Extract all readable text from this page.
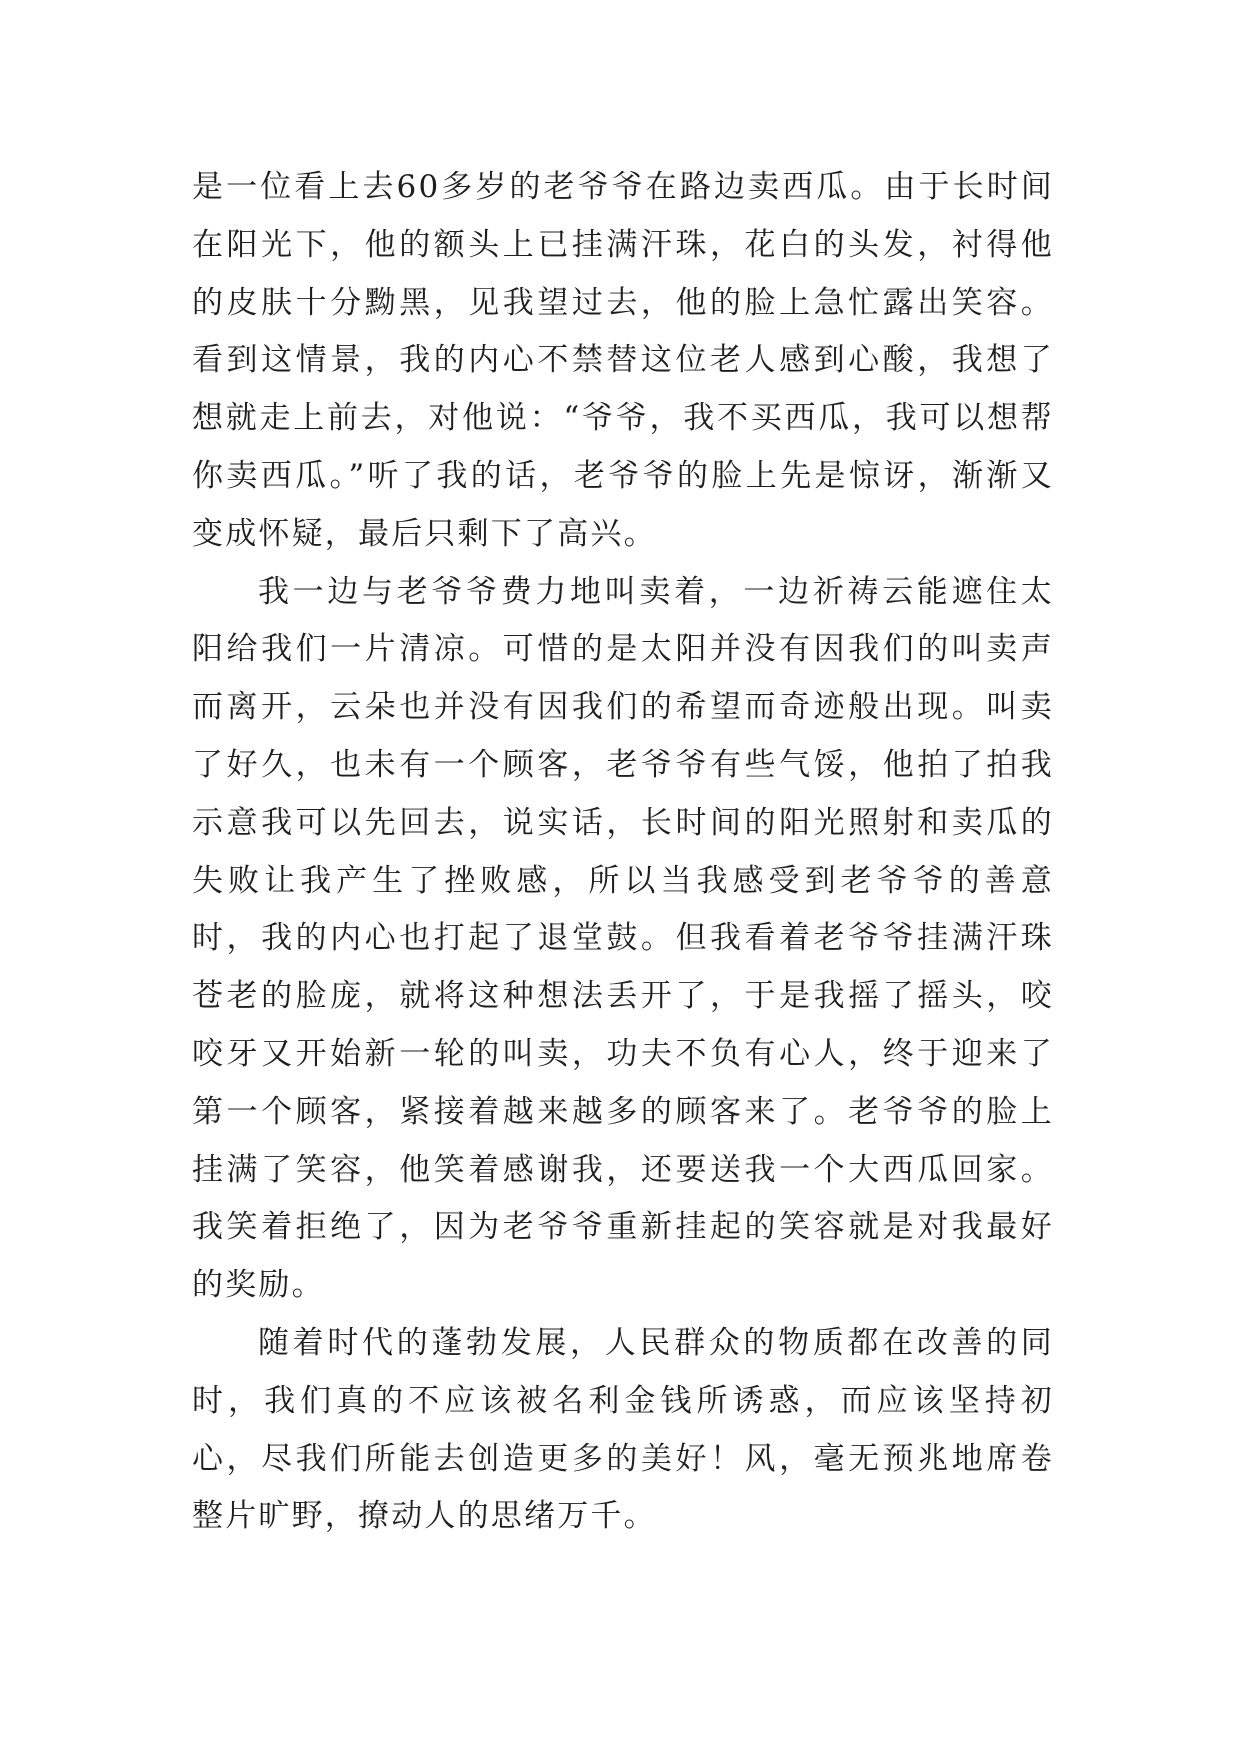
是一位看上去60多岁的老爷爷在路边卖西瓜。由于长时间在阳光下，他的额头上已挂满汗珠，花白的头发，衬得他的皮肤十分黝黑，见我望过去，他的脸上急忙露出笑容。看到这情景，我的内心不禁替这位老人感到心酸，我想了想就走上前去，对他说：“爷爷，我不买西瓜，我可以想帮你卖西瓜。”听了我的话，老爷爷的脸上先是惊讶，渐渐又变成怀疑，最后只剩下了高兴。

我一边与老爷爷费力地叫卖着，一边祈祷云能遮住太阳给我们一片清凉。可惜的是太阳并没有因我们的叫卖声而离开，云朵也并没有因我们的希望而奇迹般出现。叫卖了好久，也未有一个顾客，老爷爷有些气馁，他拍了拍我示意我可以先回去，说实话，长时间的阳光照射和卖瓜的失败让我产生了挫败感，所以当我感受到老爷爷的善意时，我的内心也打起了退堂鼓。但我看着老爷爷挂满汗珠苍老的脸庞，就将这种想法丢开了，于是我摇了摇头，咬咬牙又开始新一轮的叫卖，功夫不负有心人，终于迎来了第一个顾客，紧接着越来越多的顾客来了。老爷爷的脸上挂满了笑容，他笑着感谢我，还要送我一个大西瓜回家。我笑着拒绝了，因为老爷爷重新挂起的笑容就是对我最好的奖励。

随着时代的蓬勃发展，人民群众的物质都在改善的同时，我们真的不应该被名利金钱所诱惑，而应该坚持初心，尽我们所能去创造更多的美好！风，毫无预兆地席卷整片旷野，撩动人的思绪万千。
